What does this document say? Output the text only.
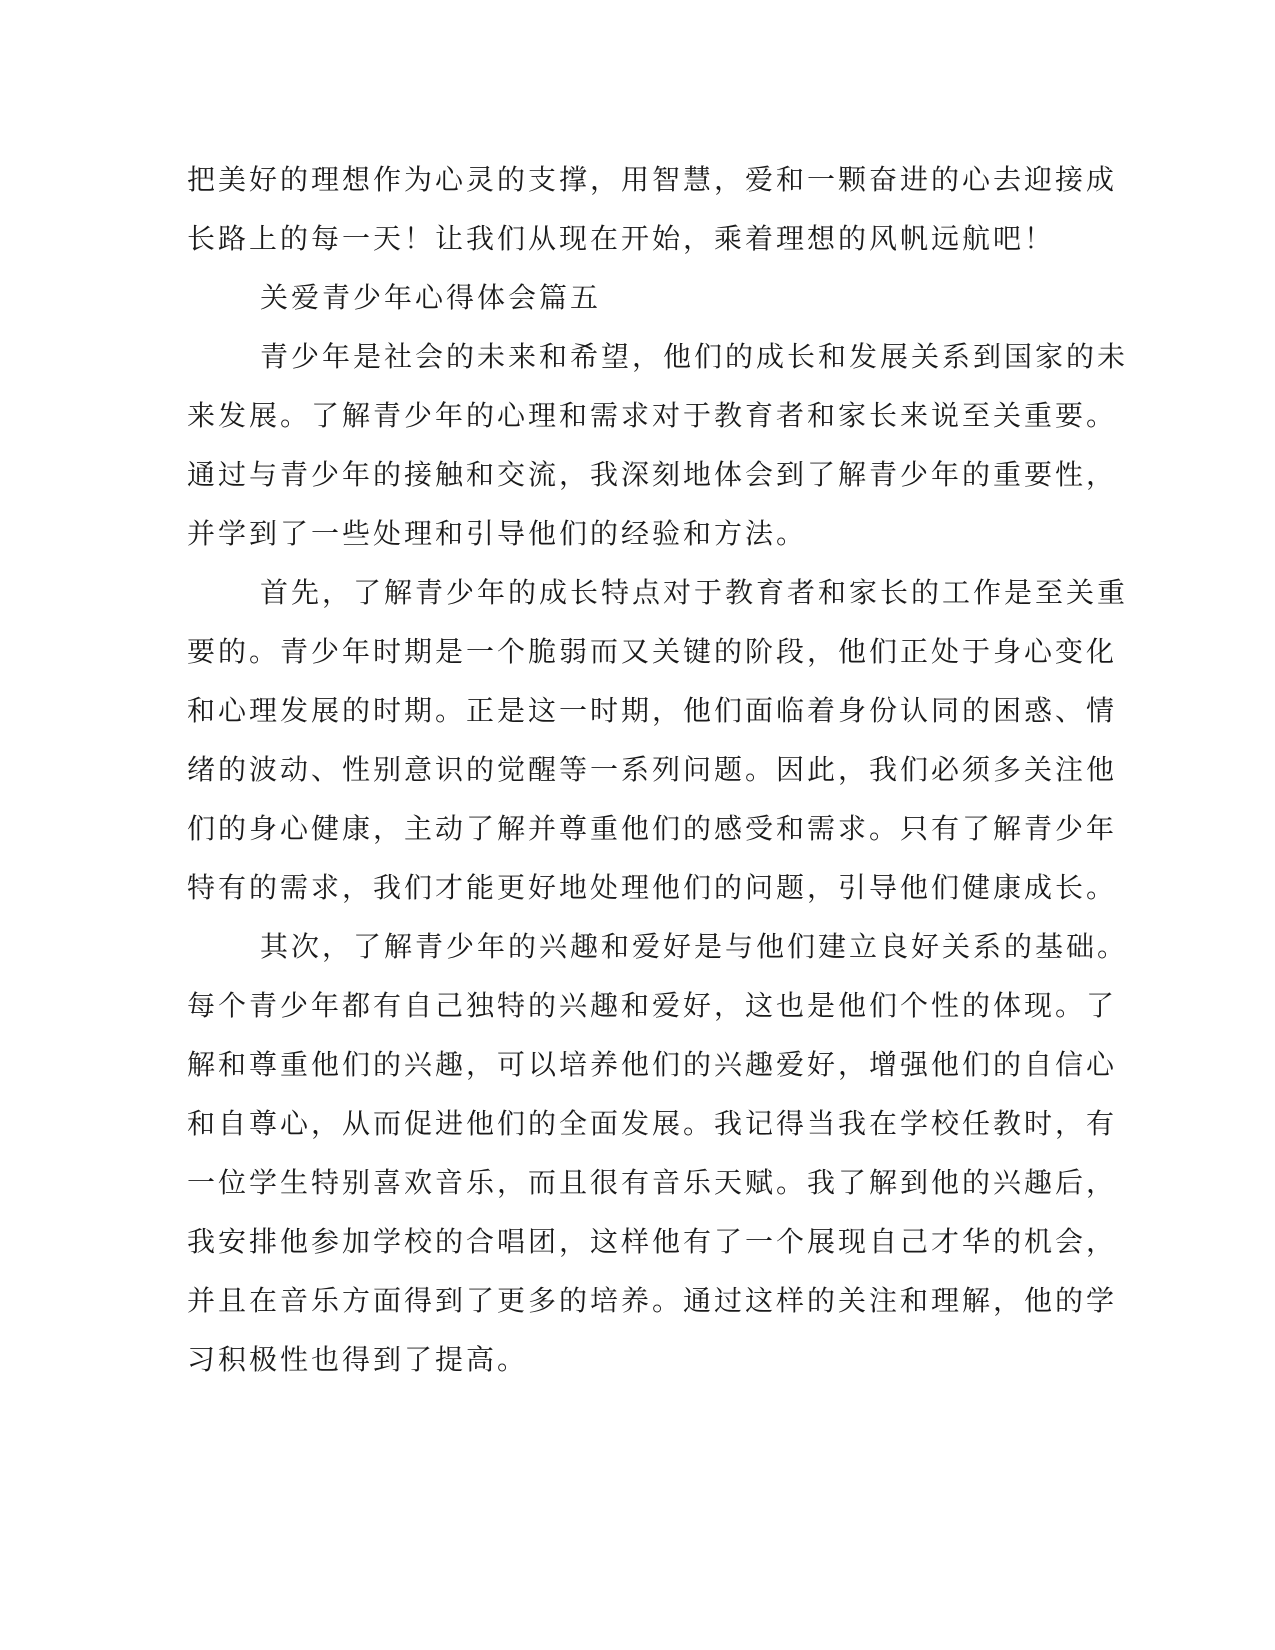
把美好的理想作为心灵的支撑，用智慧，爱和一颗奋进的心去迎接成
长路上的每一天！让我们从现在开始，乘着理想的风帆远航吧！
关爱青少年心得体会篇五
青少年是社会的未来和希望，他们的成长和发展关系到国家的未
来发展。了解青少年的心理和需求对于教育者和家长来说至关重要。
通过与青少年的接触和交流，我深刻地体会到了解青少年的重要性，
并学到了一些处理和引导他们的经验和方法。
首先，了解青少年的成长特点对于教育者和家长的工作是至关重
要的。青少年时期是一个脆弱而又关键的阶段，他们正处于身心变化
和心理发展的时期。正是这一时期，他们面临着身份认同的困惑、情
绪的波动、性别意识的觉醒等一系列问题。因此，我们必须多关注他
们的身心健康，主动了解并尊重他们的感受和需求。只有了解青少年
特有的需求，我们才能更好地处理他们的问题，引导他们健康成长。
其次，了解青少年的兴趣和爱好是与他们建立良好关系的基础。
每个青少年都有自己独特的兴趣和爱好，这也是他们个性的体现。了
解和尊重他们的兴趣，可以培养他们的兴趣爱好，增强他们的自信心
和自尊心，从而促进他们的全面发展。我记得当我在学校任教时，有
一位学生特别喜欢音乐，而且很有音乐天赋。我了解到他的兴趣后，
我安排他参加学校的合唱团，这样他有了一个展现自己才华的机会，
并且在音乐方面得到了更多的培养。通过这样的关注和理解，他的学
习积极性也得到了提高。
